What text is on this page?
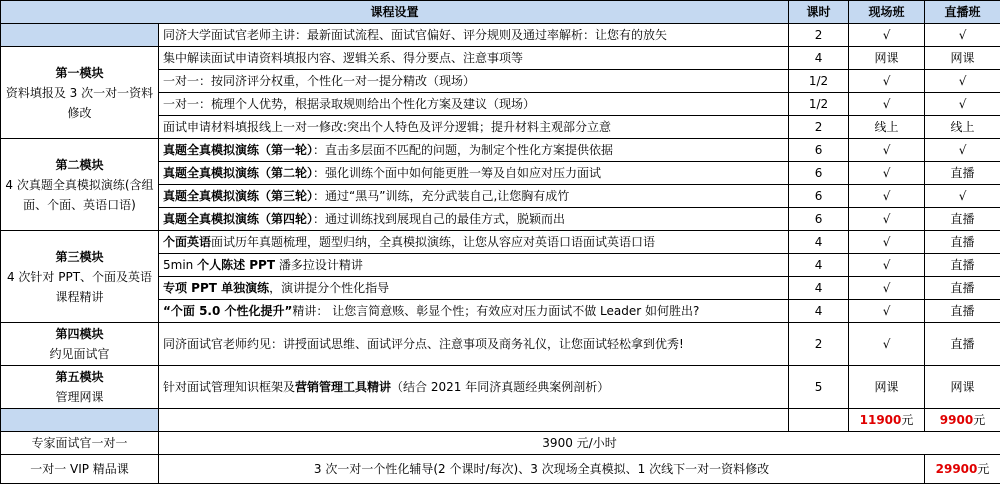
课程设置		课时	现场班	直播班
	同济大学面试官老师主讲：最新面试流程、面试官偏好、评分规则及通过率解析：让您有的放矢	2	√	√

第一模块
资料填报及 3 次一对一资料修改	集中解读面试申请资料填报内容、逻辑关系、得分要点、注意事项等	4	网课	网课
	一对一：按同济评分权重，个性化一对一提分精改（现场）	1/2	√	√
	一对一：梳理个人优势，根据录取规则给出个性化方案及建议（现场）	1/2	√	√
	面试申请材料填报线上一对一修改:突出个人特色及评分逻辑；提升材料主观部分立意	2	线上	线上

第二模块
4 次真题全真模拟演练(含组面、个面、英语口语)	真题全真模拟演练（第一轮）：直击多层面不匹配的问题，为制定个性化方案提供依据	6	√	√
	真题全真模拟演练（第二轮）：强化训练个面中如何能更胜一筹及自如应对压力面试	6	√	直播
	真题全真模拟演练（第三轮）：通过“黑马”训练，充分武装自己,让您胸有成竹	6	√	√
	真题全真模拟演练（第四轮）：通过训练找到展现自己的最佳方式，脱颖而出	6	√	直播

第三模块
4 次针对 PPT、个面及英语课程精讲	个面英语面试历年真题梳理，题型归纳，全真模拟演练，让您从容应对英语口语面试英语口语	4	√	直播
	5min 个人陈述 PPT 潘多拉设计精讲	4	√	直播
	专项 PPT 单独演练，演讲提分个性化指导	4	√	直播
	“个面 5.0 个性化提升”精讲： 让您言简意赅、彰显个性；有效应对压力面试不做 Leader 如何胜出?	4	√	直播

第四模块
约见面试官	同济面试官老师约见：讲授面试思维、面试评分点、注意事项及商务礼仪，让您面试轻松拿到优秀!	2	√	直播

第五模块
管理网课	针对面试管理知识框架及营销管理工具精讲（结合 2021 年同济真题经典案例剖析）	5	网课	网课
			11900元	9900元
专家面试官一对一	3900 元/小时			
一对一 VIP 精品课	3 次一对一个性化辅导(2 个课时/每次)、3 次现场全真模拟、1 次线下一对一资料修改			29900元
